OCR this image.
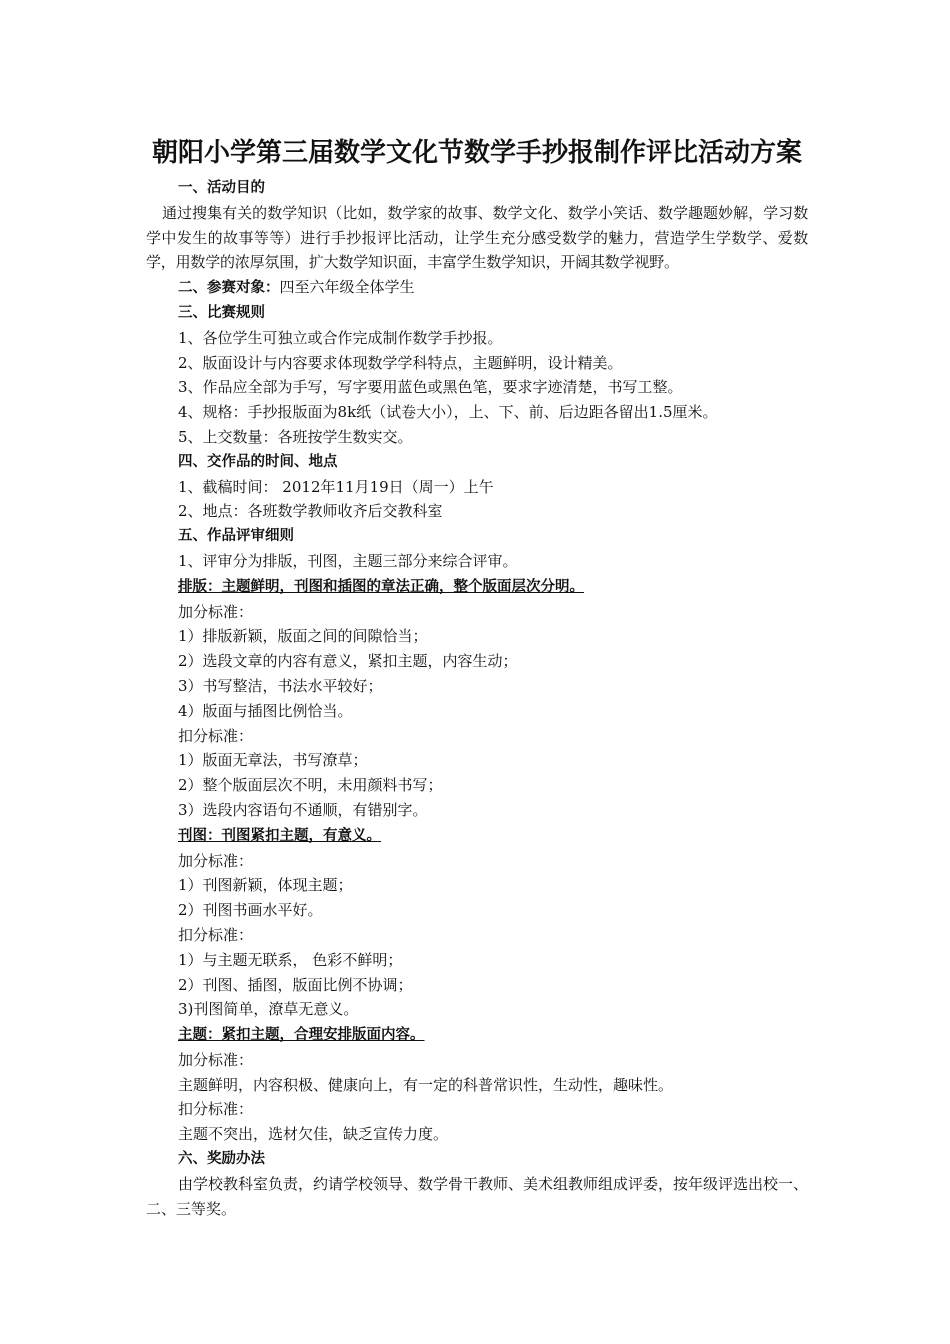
朝阳小学第三届数学文化节数学手抄报制作评比活动方案
一、活动目的
通过搜集有关的数学知识（比如，数学家的故事、数学文化、数学小笑话、数学趣题妙解，学习数学中发生的故事等等）进行手抄报评比活动，让学生充分感受数学的魅力，营造学生学数学、爱数学，用数学的浓厚氛围，扩大数学知识面，丰富学生数学知识，开阔其数学视野。
二、参赛对象：四至六年级全体学生
三、比赛规则
1、各位学生可独立或合作完成制作数学手抄报。
2、版面设计与内容要求体现数学学科特点，主题鲜明，设计精美。
3、作品应全部为手写，写字要用蓝色或黑色笔，要求字迹清楚，书写工整。
4、规格：手抄报版面为8k纸（试卷大小），上、下、前、后边距各留出1.5厘米。
5、上交数量：各班按学生数实交。
四、交作品的时间、地点
1、截稿时间： 2012年11月19日（周一）上午
2、地点：各班数学教师收齐后交教科室
五、作品评审细则
1、评审分为排版，刊图，主题三部分来综合评审。
排版：主题鲜明，刊图和插图的章法正确，整个版面层次分明。
加分标准：
1）排版新颖，版面之间的间隙恰当；
2）选段文章的内容有意义，紧扣主题，内容生动；
3）书写整洁，书法水平较好；
4）版面与插图比例恰当。
扣分标准：
1）版面无章法，书写潦草；
2）整个版面层次不明，未用颜料书写；
3）选段内容语句不通顺，有错别字。
刊图：刊图紧扣主题，有意义。
加分标准：
1）刊图新颖，体现主题；
2）刊图书画水平好。
扣分标准：
1）与主题无联系， 色彩不鲜明；
2）刊图、插图，版面比例不协调；
3)刊图简单，潦草无意义。
主题：紧扣主题，合理安排版面内容。
加分标准：
主题鲜明，内容积极、健康向上，有一定的科普常识性，生动性，趣味性。
扣分标准：
主题不突出，选材欠佳，缺乏宣传力度。
六、奖励办法
由学校教科室负责，约请学校领导、数学骨干教师、美术组教师组成评委，按年级评选出校一、二、三等奖。
